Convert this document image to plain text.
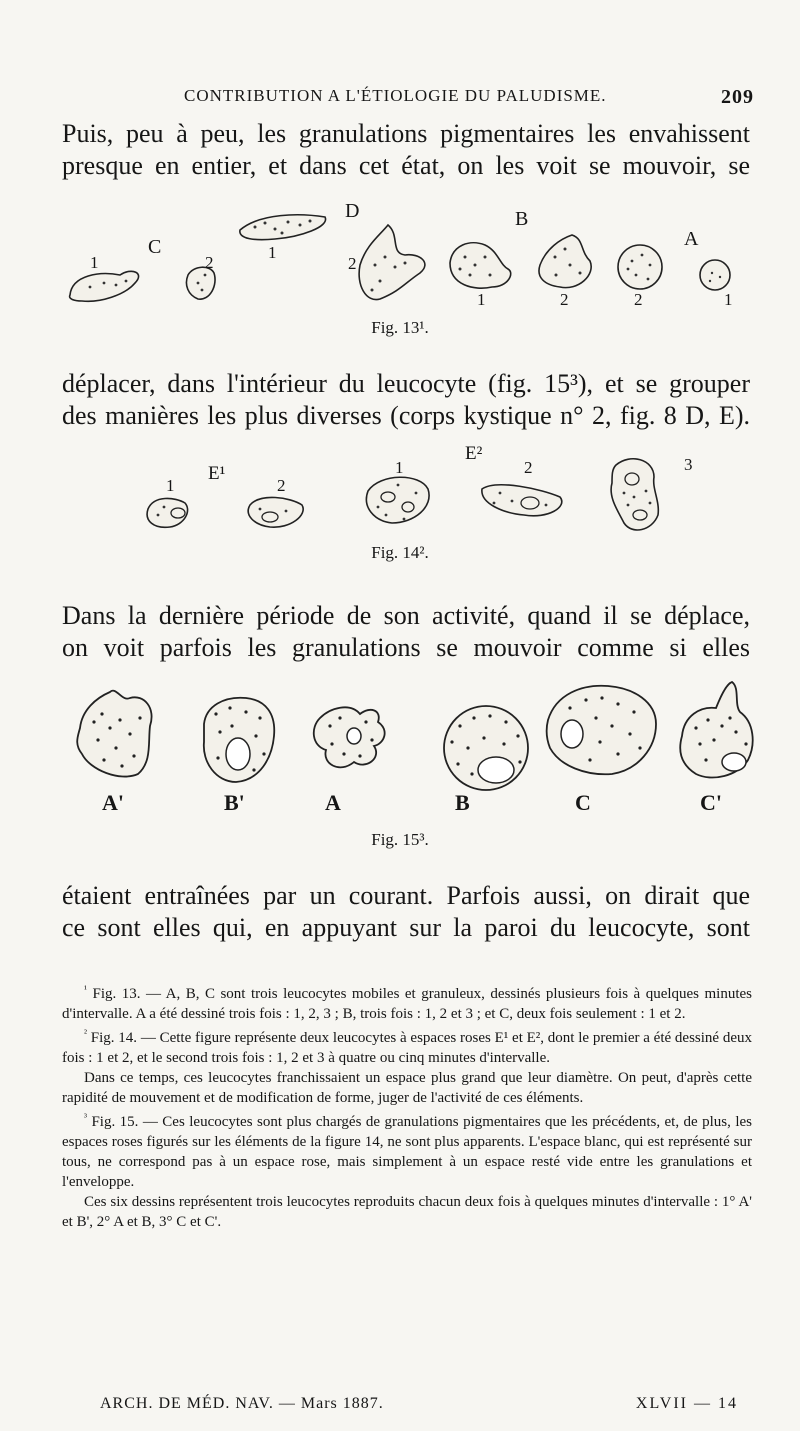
CONTRIBUTION A L'ÉTIOLOGIE DU PALUDISME.	209
Puis, peu à peu, les granulations pigmentaires les envahissent
presque en entier, et dans cet état, on les voit se mouvoir, se
1
C
2
D
1
2
B
1	2
A
2	1
Fig. 13¹.
déplacer, dans l'intérieur du leucocyte (fig. 15³), et se grouper
des manières les plus diverses (corps kystique n° 2, fig. 8 D, E).
1
E¹
2
1
E²
2	3
Fig. 14².
Dans la dernière période de son activité, quand il se déplace,
on voit parfois les granulations se mouvoir comme si elles
A'	B'	A	B	C	C'
Fig. 15³.
étaient entraînées par un courant. Parfois aussi, on dirait que
ce sont elles qui, en appuyant sur la paroi du leucocyte, sont

$^{^1}$ Fig. 13. — A, B, C sont trois leucocytes mobiles et granuleux, dessinés plusieurs fois à quelques minutes d'intervalle. A a été dessiné trois fois : 1, 2, 3 ; B, trois fois : 1, 2 et 3 ; et C, deux fois seulement : 1 et 2.

$^{^2}$ Fig. 14. — Cette figure représente deux leucocytes à espaces roses E¹ et E², dont le premier a été dessiné deux fois : 1 et 2, et le second trois fois : 1, 2 et 3 à quatre ou cinq minutes d'intervalle.

Dans ce temps, ces leucocytes franchissaient un espace plus grand que leur diamètre. On peut, d'après cette rapidité de mouvement et de modification de forme, juger de l'activité de ces éléments.

$^{^3}$ Fig. 15. — Ces leucocytes sont plus chargés de granulations pigmentaires que les précédents, et, de plus, les espaces roses figurés sur les éléments de la figure 14, ne sont plus apparents. L'espace blanc, qui est représenté sur tous, ne correspond pas à un espace rose, mais simplement à un espace resté vide entre les granulations et l'enveloppe.

Ces six dessins représentent trois leucocytes reproduits chacun deux fois à quelques minutes d'intervalle : 1° A' et B', 2° A et B, 3° C et C'.

ARCH. DE MÉD. NAV. — Mars 1887.	XLVII — 14
